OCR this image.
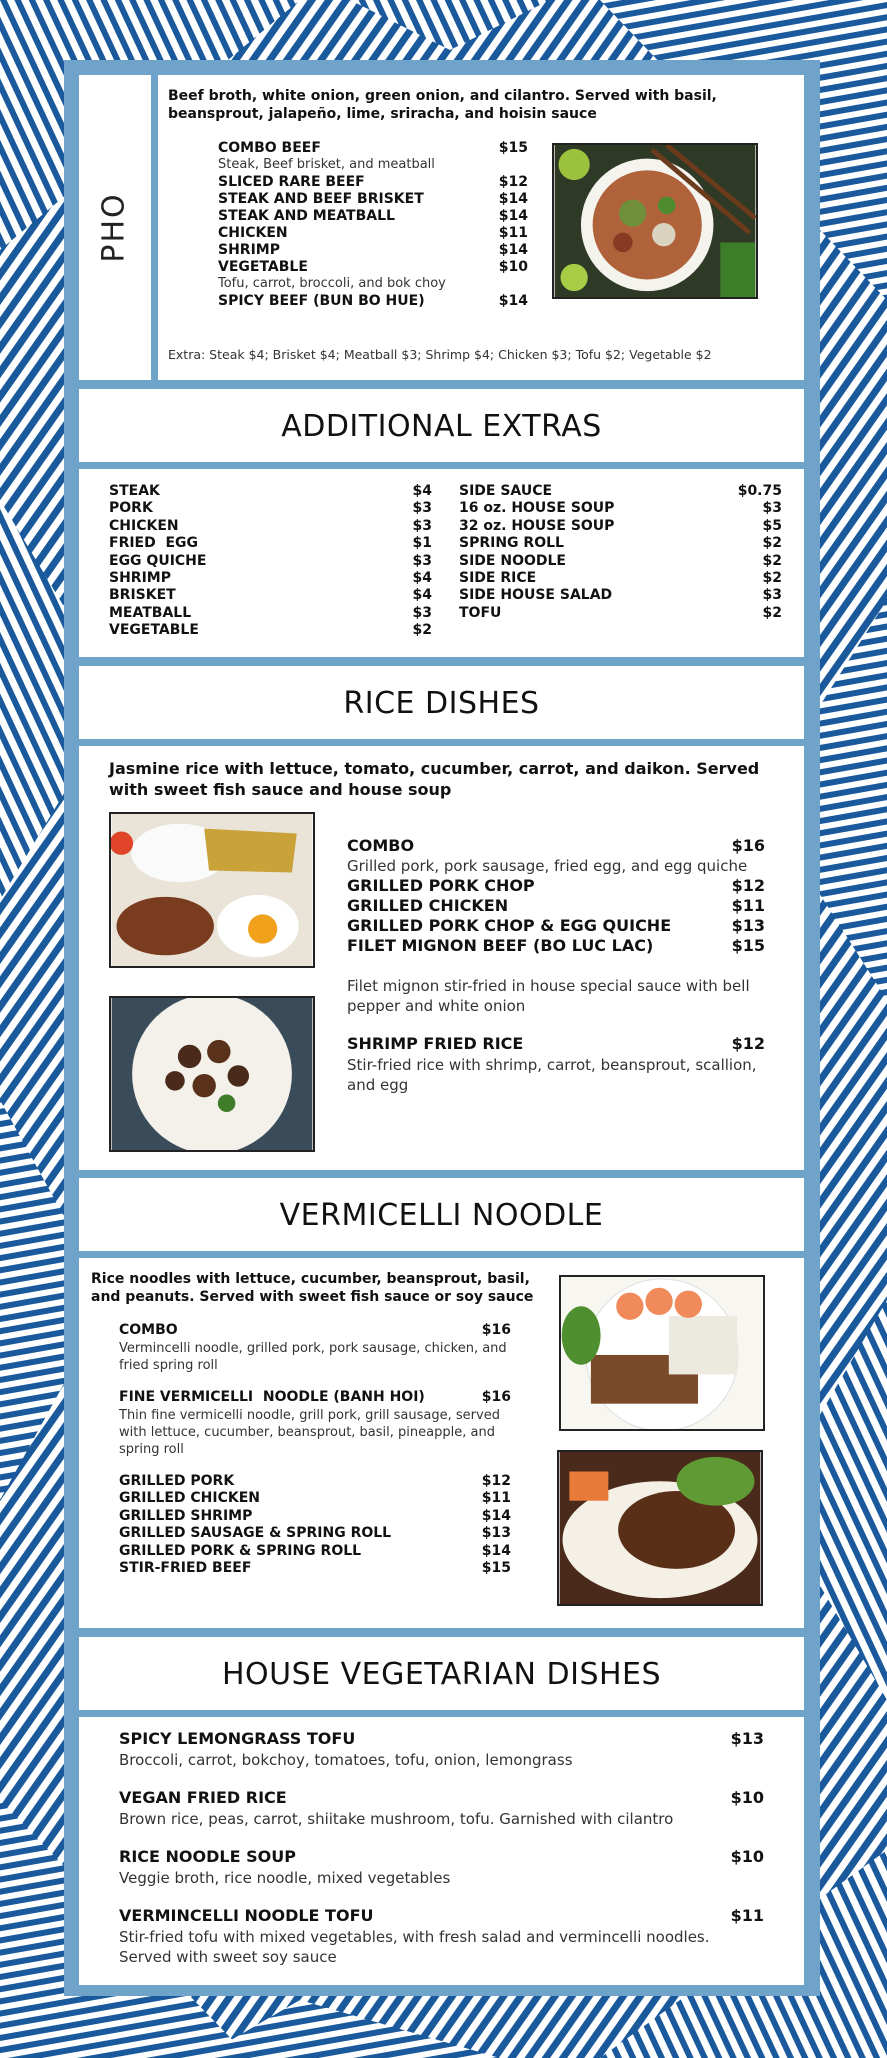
PHO
Beef broth, white onion, green onion, and cilantro. Served with basil, beansprout, jalapeño, lime, sriracha, and hoisin sauce
COMBO BEEF	$15
Steak, Beef brisket, and meatball
SLICED RARE BEEF	$12
STEAK AND BEEF BRISKET	$14
STEAK AND MEATBALL	$14
CHICKEN	$11
SHRIMP	$14
VEGETABLE	$10
Tofu, carrot, broccoli, and bok choy
SPICY BEEF (BUN BO HUE)	$14
Extra: Steak $4; Brisket $4; Meatball $3; Shrimp $4; Chicken $3; Tofu $2; Vegetable $2
ADDITIONAL EXTRAS
STEAK	$4
PORK	$3
CHICKEN	$3
FRIED  EGG	$1
EGG QUICHE	$3
SHRIMP	$4
BRISKET	$4
MEATBALL	$3
VEGETABLE	$2
SIDE SAUCE	$0.75
16 oz. HOUSE SOUP	$3
32 oz. HOUSE SOUP	$5
SPRING ROLL	$2
SIDE NOODLE	$2
SIDE RICE	$2
SIDE HOUSE SALAD	$3
TOFU	$2
RICE DISHES
Jasmine rice with lettuce, tomato, cucumber, carrot, and daikon. Served with sweet fish sauce and house soup
COMBO	$16
Grilled pork, pork sausage, fried egg, and egg quiche
GRILLED PORK CHOP	$12
GRILLED CHICKEN	$11
GRILLED PORK CHOP & EGG QUICHE	$13
FILET MIGNON BEEF (BO LUC LAC)	$15
Filet mignon stir-fried in house special sauce with bell pepper and white onion
SHRIMP FRIED RICE	$12
Stir-fried rice with shrimp, carrot, beansprout, scallion, and egg
VERMICELLI NOODLE
Rice noodles with lettuce, cucumber, beansprout, basil, and peanuts. Served with sweet fish sauce or soy sauce
COMBO	$16
Vermincelli noodle, grilled pork, pork sausage, chicken, and fried spring roll
FINE VERMICELLI  NOODLE (BANH HOI)	$16
Thin fine vermicelli noodle, grill pork, grill sausage, served with lettuce, cucumber, beansprout, basil, pineapple, and spring roll
GRILLED PORK	$12
GRILLED CHICKEN	$11
GRILLED SHRIMP	$14
GRILLED SAUSAGE & SPRING ROLL	$13
GRILLED PORK & SPRING ROLL	$14
STIR-FRIED BEEF	$15
HOUSE VEGETARIAN DISHES
SPICY LEMONGRASS TOFU	$13
Broccoli, carrot, bokchoy, tomatoes, tofu, onion, lemongrass
VEGAN FRIED RICE	$10
Brown rice, peas, carrot, shiitake mushroom, tofu. Garnished with cilantro
RICE NOODLE SOUP	$10
Veggie broth, rice noodle, mixed vegetables
VERMINCELLI NOODLE TOFU	$11
Stir-fried tofu with mixed vegetables, with fresh salad and vermincelli noodles. Served with sweet soy sauce
